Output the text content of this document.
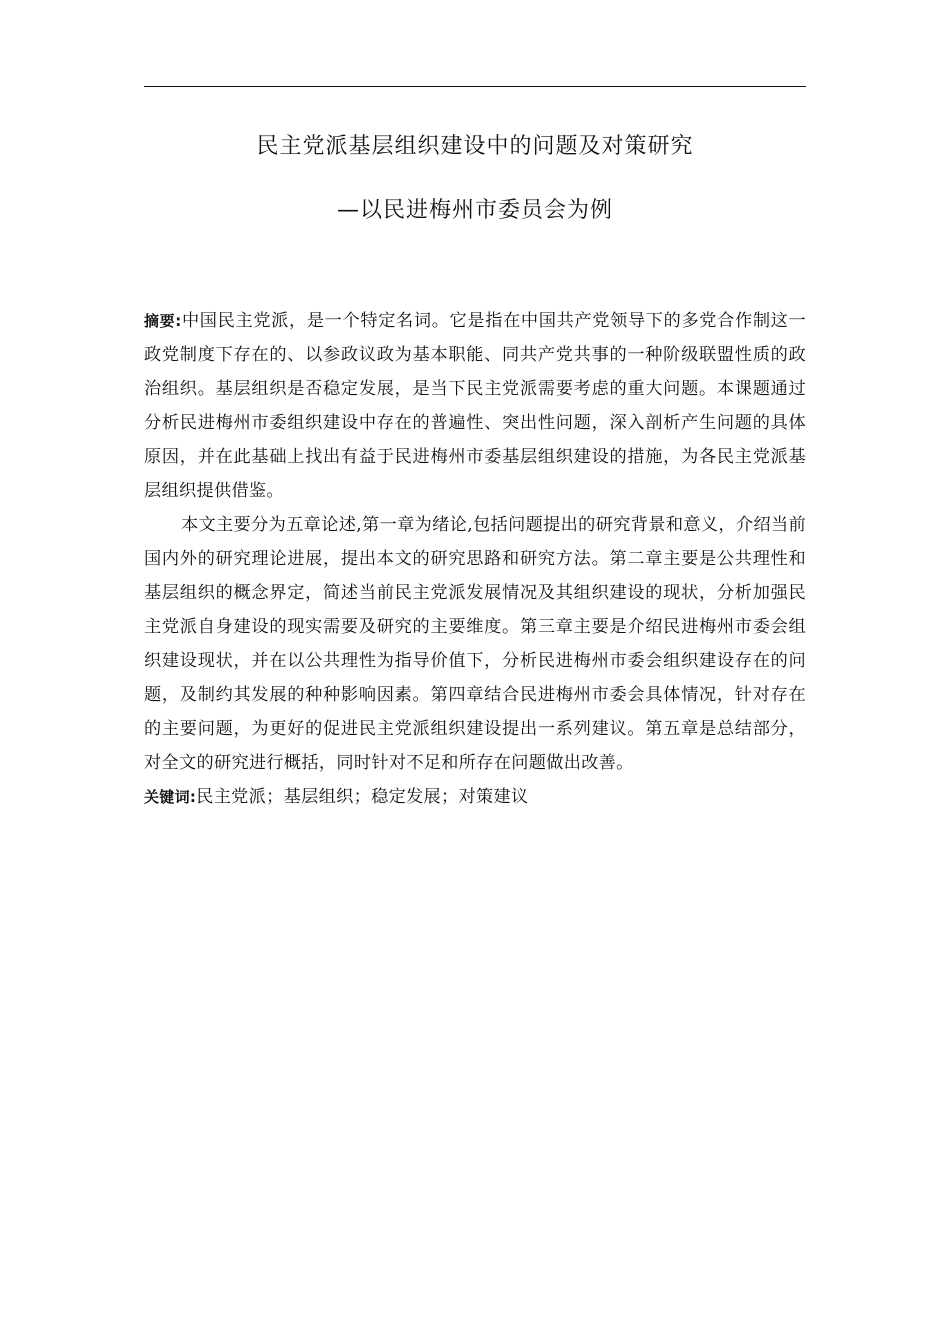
民主党派基层组织建设中的问题及对策研究
—以民进梅州市委员会为例

摘要:中国民主党派，是一个特定名词。它是指在中国共产党领导下的多党合作制这一政党制度下存在的、以参政议政为基本职能、同共产党共事的一种阶级联盟性质的政治组织。基层组织是否稳定发展，是当下民主党派需要考虑的重大问题。本课题通过分析民进梅州市委组织建设中存在的普遍性、突出性问题，深入剖析产生问题的具体原因，并在此基础上找出有益于民进梅州市委基层组织建设的措施，为各民主党派基层组织提供借鉴。

本文主要分为五章论述,第一章为绪论,包括问题提出的研究背景和意义，介绍当前国内外的研究理论进展，提出本文的研究思路和研究方法。第二章主要是公共理性和基层组织的概念界定，简述当前民主党派发展情况及其组织建设的现状，分析加强民主党派自身建设的现实需要及研究的主要维度。第三章主要是介绍民进梅州市委会组织建设现状，并在以公共理性为指导价值下，分析民进梅州市委会组织建设存在的问题，及制约其发展的种种影响因素。第四章结合民进梅州市委会具体情况，针对存在的主要问题，为更好的促进民主党派组织建设提出一系列建议。第五章是总结部分，对全文的研究进行概括，同时针对不足和所存在问题做出改善。

关键词:民主党派；基层组织；稳定发展；对策建议
